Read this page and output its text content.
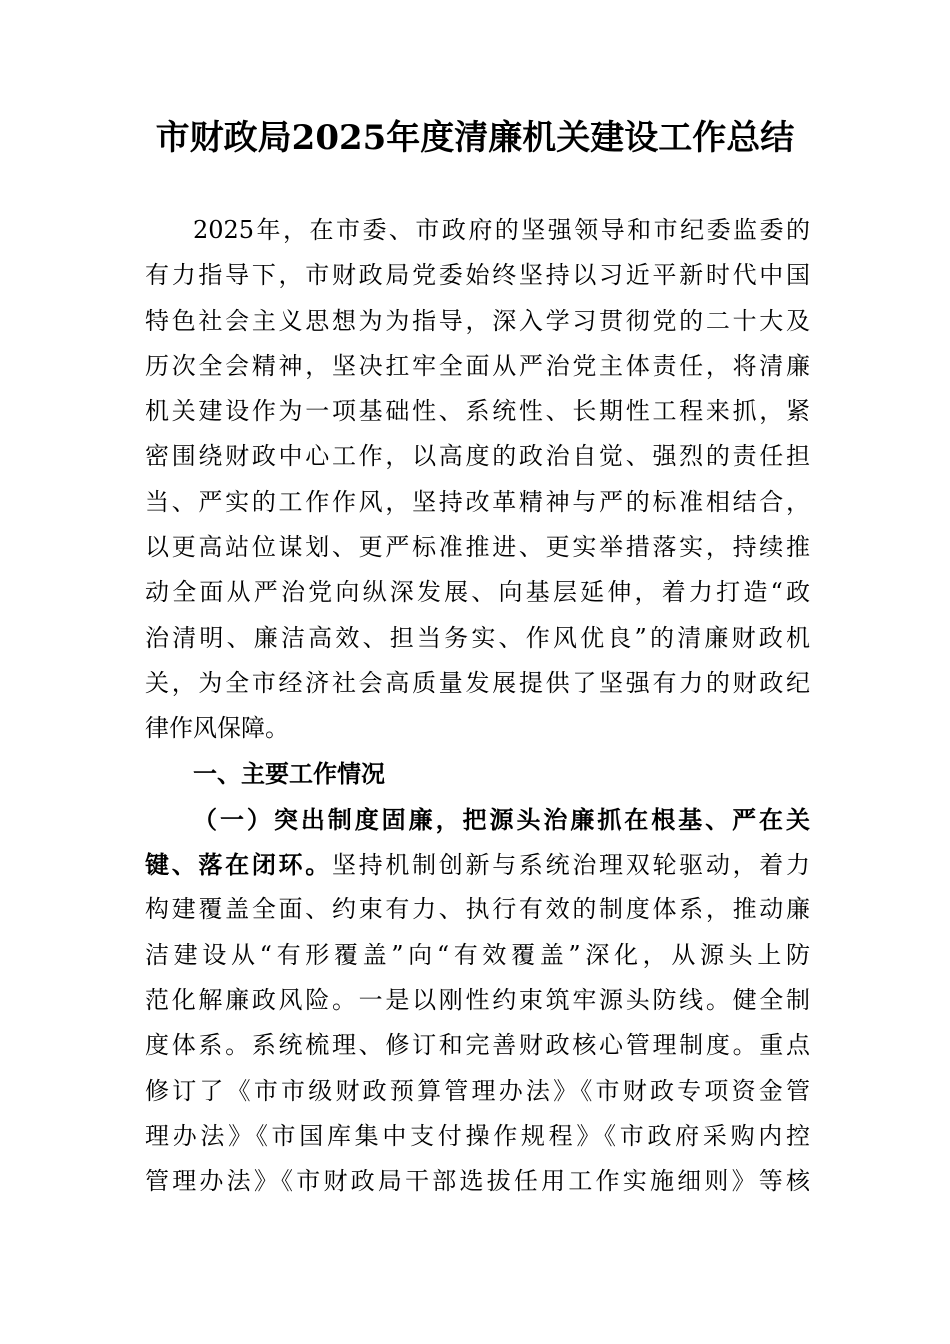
市财政局2025年度清廉机关建设工作总结
2025年，在市委、市政府的坚强领导和市纪委监委的
有力指导下，市财政局党委始终坚持以习近平新时代中国
特色社会主义思想为为指导，深入学习贯彻党的二十大及
历次全会精神，坚决扛牢全面从严治党主体责任，将清廉
机关建设作为一项基础性、系统性、长期性工程来抓，紧
密围绕财政中心工作，以高度的政治自觉、强烈的责任担
当、严实的工作作风，坚持改革精神与严的标准相结合，
以更高站位谋划、更严标准推进、更实举措落实，持续推
动全面从严治党向纵深发展、向基层延伸，着力打造“政
治清明、廉洁高效、担当务实、作风优良”的清廉财政机
关，为全市经济社会高质量发展提供了坚强有力的财政纪
律作风保障。
一、主要工作情况
（一）突出制度固廉，把源头治廉抓在根基、严在关
键、落在闭环。坚持机制创新与系统治理双轮驱动，着力
构建覆盖全面、约束有力、执行有效的制度体系，推动廉
洁建设从“有形覆盖”向“有效覆盖”深化，从源头上防
范化解廉政风险。一是以刚性约束筑牢源头防线。健全制
度体系。系统梳理、修订和完善财政核心管理制度。重点
修订了《市市级财政预算管理办法》《市财政专项资金管
理办法》《市国库集中支付操作规程》《市政府采购内控
管理办法》《市财政局干部选拔任用工作实施细则》等核
